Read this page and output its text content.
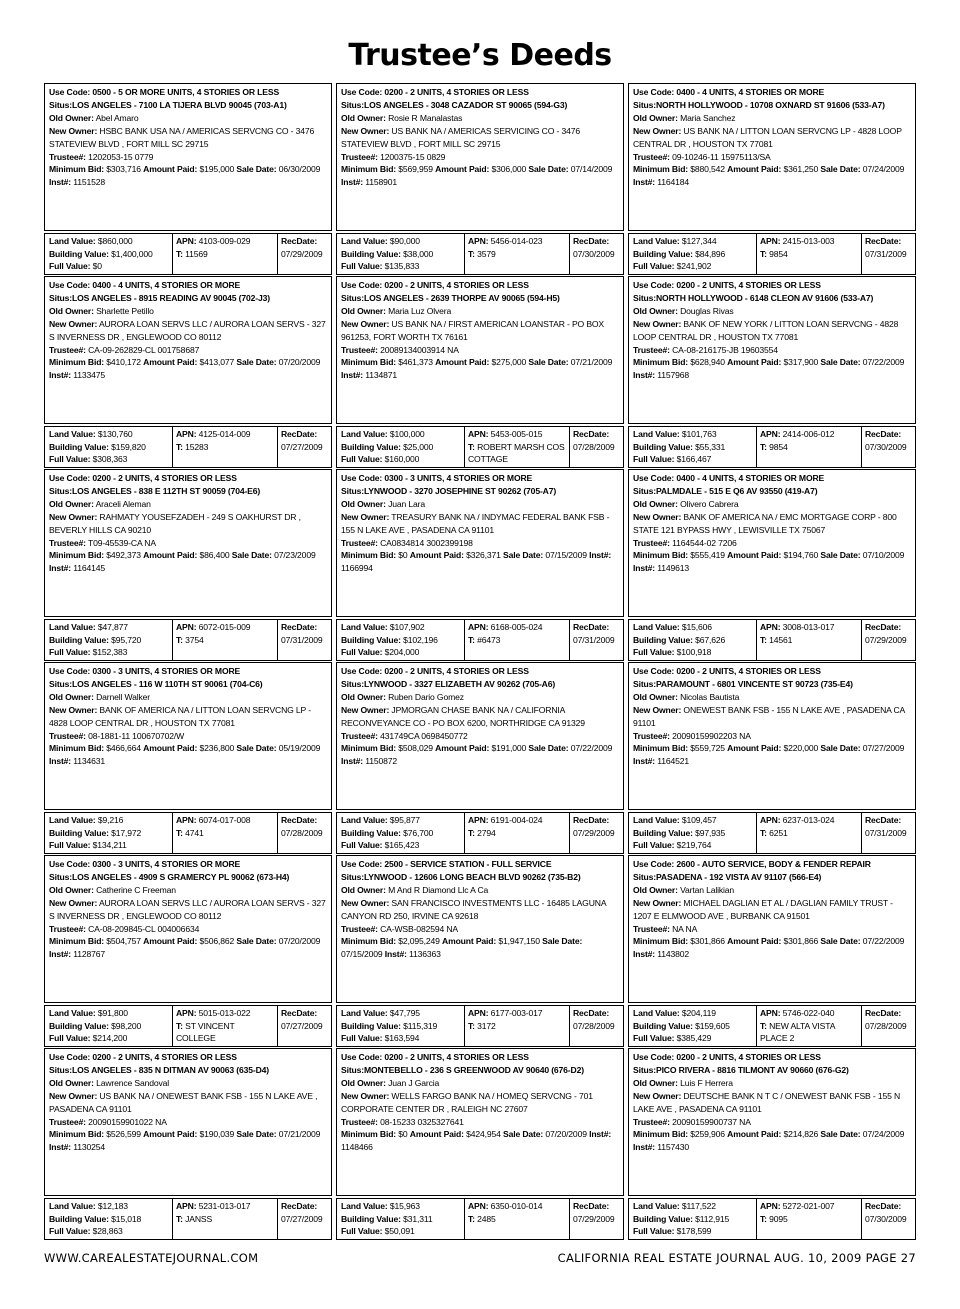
Trustee’s Deeds
Use Code: 0500 - 5 OR MORE UNITS, 4 STORIES OR LESS
Situs:LOS ANGELES - 7100 LA TIJERA BLVD 90045 (703-A1)
Old Owner: Abel Amaro
New Owner: HSBC BANK USA NA / AMERICAS SERVCNG CO - 3476 STATEVIEW BLVD , FORT MILL SC 29715
Trustee#: 1202053-15 0779
Minimum Bid: $303,716 Amount Paid: $195,000 Sale Date: 06/30/2009 Inst#: 1151528
Land Value: $860,000
Building Value: $1,400,000
Full Value: $0
APN: 4103-009-029
T: 11569
RecDate:
07/29/2009
Use Code: 0400 - 4 UNITS, 4 STORIES OR MORE
Situs:LOS ANGELES - 8915 READING AV 90045 (702-J3)
Old Owner: Sharlette Petillo
New Owner: AURORA LOAN SERVS LLC / AURORA LOAN SERVS - 327 S INVERNESS DR , ENGLEWOOD CO 80112
Trustee#: CA-09-262829-CL 001758687
Minimum Bid: $410,172 Amount Paid: $413,077 Sale Date: 07/20/2009 Inst#: 1133475
Land Value: $130,760
Building Value: $159,820
Full Value: $308,363
APN: 4125-014-009
T: 15283
RecDate:
07/27/2009
Use Code: 0200 - 2 UNITS, 4 STORIES OR LESS
Situs:LOS ANGELES - 838 E 112TH ST 90059 (704-E6)
Old Owner: Araceli Aleman
New Owner: RAHMATY YOUSEFZADEH - 249 S OAKHURST DR , BEVERLY HILLS CA 90210
Trustee#: T09-45539-CA NA
Minimum Bid: $492,373 Amount Paid: $86,400 Sale Date: 07/23/2009 Inst#: 1164145
Land Value: $47,877
Building Value: $95,720
Full Value: $152,383
APN: 6072-015-009
T: 3754
RecDate:
07/31/2009
Use Code: 0300 - 3 UNITS, 4 STORIES OR MORE
Situs:LOS ANGELES - 116 W 110TH ST 90061 (704-C6)
Old Owner: Darnell Walker
New Owner: BANK OF AMERICA NA / LITTON LOAN SERVCNG LP - 4828 LOOP CENTRAL DR , HOUSTON TX 77081
Trustee#: 08-1881-11 100670702/W
Minimum Bid: $466,664 Amount Paid: $236,800 Sale Date: 05/19/2009 Inst#: 1134631
Land Value: $9,216
Building Value: $17,972
Full Value: $134,211
APN: 6074-017-008
T: 4741
RecDate:
07/28/2009
Use Code: 0300 - 3 UNITS, 4 STORIES OR MORE
Situs:LOS ANGELES - 4909 S GRAMERCY PL 90062 (673-H4)
Old Owner: Catherine C Freeman
New Owner: AURORA LOAN SERVS LLC / AURORA LOAN SERVS - 327 S INVERNESS DR , ENGLEWOOD CO 80112
Trustee#: CA-08-209845-CL 004006634
Minimum Bid: $504,757 Amount Paid: $506,862 Sale Date: 07/20/2009 Inst#: 1128767
Land Value: $91,800
Building Value: $98,200
Full Value: $214,200
APN: 5015-013-022
T: ST VINCENT COLLEGE
RecDate:
07/27/2009
Use Code: 0200 - 2 UNITS, 4 STORIES OR LESS
Situs:LOS ANGELES - 835 N DITMAN AV 90063 (635-D4)
Old Owner: Lawrence Sandoval
New Owner: US BANK NA / ONEWEST BANK FSB - 155 N LAKE AVE , PASADENA CA 91101
Trustee#: 20090159901022 NA
Minimum Bid: $526,599 Amount Paid: $190,039 Sale Date: 07/21/2009 Inst#: 1130254
Land Value: $12,183
Building Value: $15,018
Full Value: $28,863
APN: 5231-013-017
T: JANSS
RecDate:
07/27/2009
Use Code: 0200 - 2 UNITS, 4 STORIES OR LESS
Situs:LOS ANGELES - 3048 CAZADOR ST 90065 (594-G3)
Old Owner: Rosie R Manalastas
New Owner: US BANK NA / AMERICAS SERVICING CO - 3476 STATEVIEW BLVD , FORT MILL SC 29715
Trustee#: 1200375-15 0829
Minimum Bid: $569,959 Amount Paid: $306,000 Sale Date: 07/14/2009 Inst#: 1158901
Land Value: $90,000
Building Value: $38,000
Full Value: $135,833
APN: 5456-014-023
T: 3579
RecDate:
07/30/2009
Use Code: 0200 - 2 UNITS, 4 STORIES OR LESS
Situs:LOS ANGELES - 2639 THORPE AV 90065 (594-H5)
Old Owner: Maria Luz Olvera
New Owner: US BANK NA / FIRST AMERICAN LOANSTAR - PO BOX 961253, FORT WORTH TX 76161
Trustee#: 20089134003914 NA
Minimum Bid: $461,373 Amount Paid: $275,000 Sale Date: 07/21/2009 Inst#: 1134871
Land Value: $100,000
Building Value: $25,000
Full Value: $160,000
APN: 5453-005-015
T: ROBERT MARSH COS COTTAGE
RecDate:
07/28/2009
Use Code: 0300 - 3 UNITS, 4 STORIES OR MORE
Situs:LYNWOOD - 3270 JOSEPHINE ST 90262 (705-A7)
Old Owner: Juan Lara
New Owner: TREASURY BANK NA / INDYMAC FEDERAL BANK FSB - 155 N LAKE AVE , PASADENA CA 91101
Trustee#: CA0834814 3002399198
Minimum Bid: $0 Amount Paid: $326,371 Sale Date: 07/15/2009 Inst#: 1166994
Land Value: $107,902
Building Value: $102,196
Full Value: $204,000
APN: 6168-005-024
T: #6473
RecDate:
07/31/2009
Use Code: 0200 - 2 UNITS, 4 STORIES OR LESS
Situs:LYNWOOD - 3327 ELIZABETH AV 90262 (705-A6)
Old Owner: Ruben Dario Gomez
New Owner: JPMORGAN CHASE BANK NA / CALIFORNIA RECONVEYANCE CO - PO BOX 6200, NORTHRIDGE CA 91329
Trustee#: 431749CA 0698450772
Minimum Bid: $508,029 Amount Paid: $191,000 Sale Date: 07/22/2009 Inst#: 1150872
Land Value: $95,877
Building Value: $76,700
Full Value: $165,423
APN: 6191-004-024
T: 2794
RecDate:
07/29/2009
Use Code: 2500 - SERVICE STATION - FULL SERVICE
Situs:LYNWOOD - 12606 LONG BEACH BLVD 90262 (735-B2)
Old Owner: M And R Diamond Llc A Ca
New Owner: SAN FRANCISCO INVESTMENTS LLC - 16485 LAGUNA CANYON RD 250, IRVINE CA 92618
Trustee#: CA-WSB-082594 NA
Minimum Bid: $2,095,249 Amount Paid: $1,947,150 Sale Date: 07/15/2009 Inst#: 1136363
Land Value: $47,795
Building Value: $115,319
Full Value: $163,594
APN: 6177-003-017
T: 3172
RecDate:
07/28/2009
Use Code: 0200 - 2 UNITS, 4 STORIES OR LESS
Situs:MONTEBELLO - 236 S GREENWOOD AV 90640 (676-D2)
Old Owner: Juan J Garcia
New Owner: WELLS FARGO BANK NA / HOMEQ SERVCNG - 701 CORPORATE CENTER DR , RALEIGH NC 27607
Trustee#: 08-15233 0325327641
Minimum Bid: $0 Amount Paid: $424,954 Sale Date: 07/20/2009 Inst#: 1148466
Land Value: $15,963
Building Value: $31,311
Full Value: $50,091
APN: 6350-010-014
T: 2485
RecDate:
07/29/2009
Use Code: 0400 - 4 UNITS, 4 STORIES OR MORE
Situs:NORTH HOLLYWOOD - 10708 OXNARD ST 91606 (533-A7)
Old Owner: Maria Sanchez
New Owner: US BANK NA / LITTON LOAN SERVCNG LP - 4828 LOOP CENTRAL DR , HOUSTON TX 77081
Trustee#: 09-10246-11 15975113/SA
Minimum Bid: $880,542 Amount Paid: $361,250 Sale Date: 07/24/2009 Inst#: 1164184
Land Value: $127,344
Building Value: $84,896
Full Value: $241,902
APN: 2415-013-003
T: 9854
RecDate:
07/31/2009
Use Code: 0200 - 2 UNITS, 4 STORIES OR LESS
Situs:NORTH HOLLYWOOD - 6148 CLEON AV 91606 (533-A7)
Old Owner: Douglas Rivas
New Owner: BANK OF NEW YORK / LITTON LOAN SERVCNG - 4828 LOOP CENTRAL DR , HOUSTON TX 77081
Trustee#: CA-08-216175-JB 19603554
Minimum Bid: $628,940 Amount Paid: $317,900 Sale Date: 07/22/2009 Inst#: 1157968
Land Value: $101,763
Building Value: $55,331
Full Value: $166,467
APN: 2414-006-012
T: 9854
RecDate:
07/30/2009
Use Code: 0400 - 4 UNITS, 4 STORIES OR MORE
Situs:PALMDALE - 515 E Q6 AV 93550 (419-A7)
Old Owner: Olivero Cabrera
New Owner: BANK OF AMERICA NA / EMC MORTGAGE CORP - 800 STATE 121 BYPASS HWY , LEWISVILLE TX 75067
Trustee#: 1164544-02 7206
Minimum Bid: $555,419 Amount Paid: $194,760 Sale Date: 07/10/2009 Inst#: 1149613
Land Value: $15,606
Building Value: $67,626
Full Value: $100,918
APN: 3008-013-017
T: 14561
RecDate:
07/29/2009
Use Code: 0200 - 2 UNITS, 4 STORIES OR LESS
Situs:PARAMOUNT - 6801 VINCENTE ST 90723 (735-E4)
Old Owner: Nicolas Bautista
New Owner: ONEWEST BANK FSB - 155 N LAKE AVE , PASADENA CA 91101
Trustee#: 20090159902203 NA
Minimum Bid: $559,725 Amount Paid: $220,000 Sale Date: 07/27/2009 Inst#: 1164521
Land Value: $109,457
Building Value: $97,935
Full Value: $219,764
APN: 6237-013-024
T: 6251
RecDate:
07/31/2009
Use Code: 2600 - AUTO SERVICE, BODY & FENDER REPAIR
Situs:PASADENA - 192 VISTA AV 91107 (566-E4)
Old Owner: Vartan Lalikian
New Owner: MICHAEL DAGLIAN ET AL / DAGLIAN FAMILY TRUST - 1207 E ELMWOOD AVE , BURBANK CA 91501
Trustee#: NA NA
Minimum Bid: $301,866 Amount Paid: $301,866 Sale Date: 07/22/2009 Inst#: 1143802
Land Value: $204,119
Building Value: $159,605
Full Value: $385,429
APN: 5746-022-040
T: NEW ALTA VISTA PLACE 2
RecDate:
07/28/2009
Use Code: 0200 - 2 UNITS, 4 STORIES OR LESS
Situs:PICO RIVERA - 8816 TILMONT AV 90660 (676-G2)
Old Owner: Luis F Herrera
New Owner: DEUTSCHE BANK N T C / ONEWEST BANK FSB - 155 N LAKE AVE , PASADENA CA 91101
Trustee#: 20090159900737 NA
Minimum Bid: $259,906 Amount Paid: $214,826 Sale Date: 07/24/2009 Inst#: 1157430
Land Value: $117,522
Building Value: $112,915
Full Value: $178,599
APN: 5272-021-007
T: 9095
RecDate:
07/30/2009
WWW.CAREALESTATEJOURNAL.COM	CALIFORNIA REAL ESTATE JOURNAL AUG. 10, 2009 PAGE 27
